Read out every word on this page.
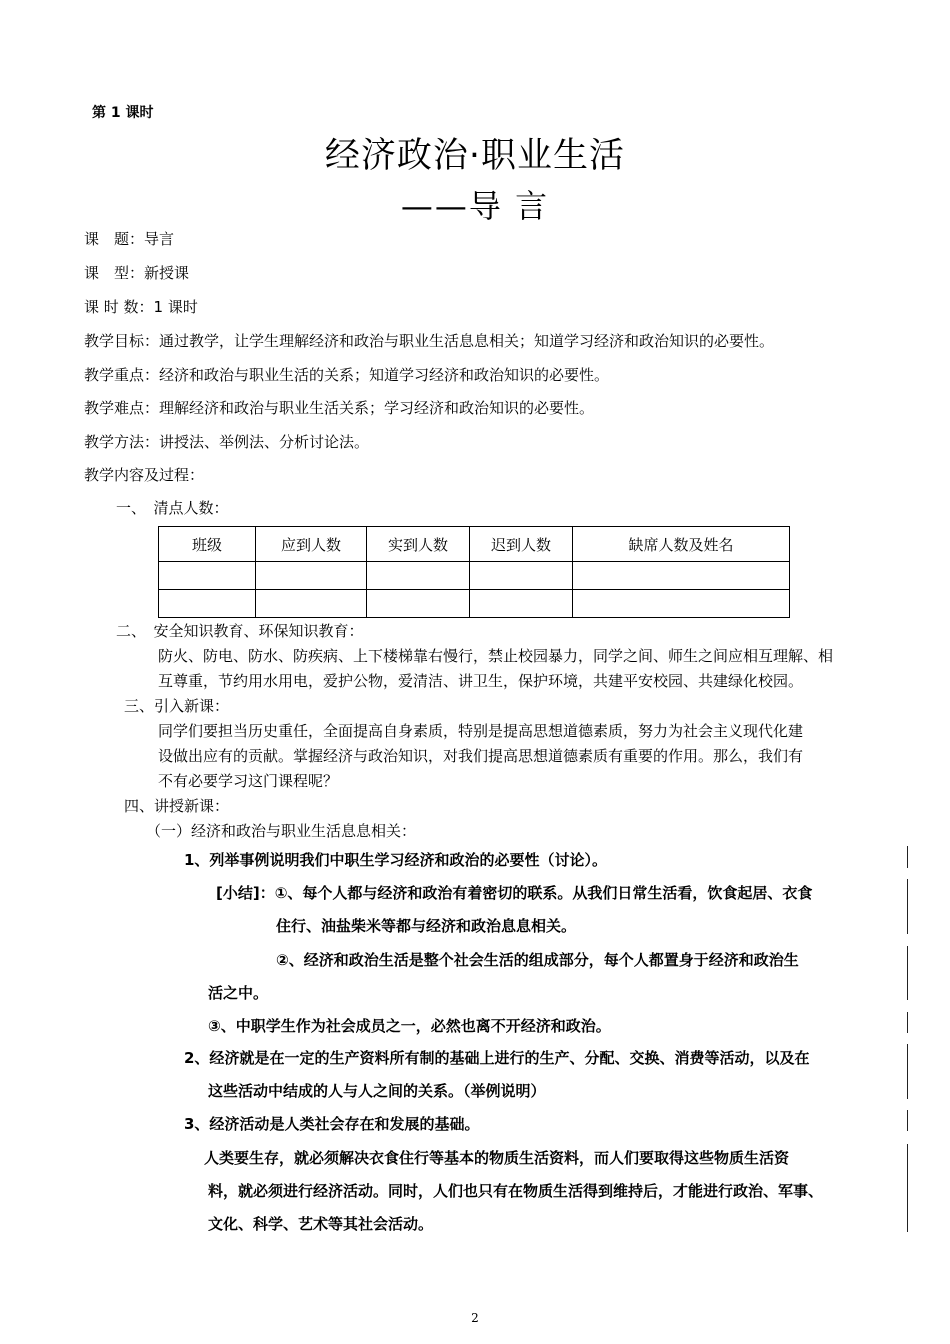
第 1 课时
经济政治·职业生活
——导 言
课　题：导言
课　型：新授课
课 时 数：1 课时
教学目标：通过教学，让学生理解经济和政治与职业生活息息相关；知道学习经济和政治知识的必要性。
教学重点：经济和政治与职业生活的关系；知道学习经济和政治知识的必要性。
教学难点：理解经济和政治与职业生活关系；学习经济和政治知识的必要性。
教学方法：讲授法、举例法、分析讨论法。
教学内容及过程：
一、　清点人数：
班级	应到人数	实到人数	迟到人数	缺席人数及姓名

二、　安全知识教育、环保知识教育：
防火、防电、防水、防疾病、上下楼梯靠右慢行，禁止校园暴力，同学之间、师生之间应相互理解、相
互尊重，节约用水用电，爱护公物，爱清洁、讲卫生，保护环境，共建平安校园、共建绿化校园。
三、引入新课：
同学们要担当历史重任，全面提高自身素质，特别是提高思想道德素质，努力为社会主义现代化建
设做出应有的贡献。掌握经济与政治知识，对我们提高思想道德素质有重要的作用。那么，我们有
不有必要学习这门课程呢？
四、讲授新课：
（一）经济和政治与职业生活息息相关：
1、列举事例说明我们中职生学习经济和政治的必要性（讨论）。
[小结]：①、每个人都与经济和政治有着密切的联系。从我们日常生活看，饮食起居、衣食
住行、油盐柴米等都与经济和政治息息相关。
②、经济和政治生活是整个社会生活的组成部分，每个人都置身于经济和政治生
活之中。
③、中职学生作为社会成员之一，必然也离不开经济和政治。
2、经济就是在一定的生产资料所有制的基础上进行的生产、分配、交换、消费等活动，以及在
这些活动中结成的人与人之间的关系。（举例说明）
3、经济活动是人类社会存在和发展的基础。
人类要生存，就必须解决衣食住行等基本的物质生活资料，而人们要取得这些物质生活资
料，就必须进行经济活动。同时，人们也只有在物质生活得到维持后，才能进行政治、军事、
文化、科学、艺术等其社会活动。
2
